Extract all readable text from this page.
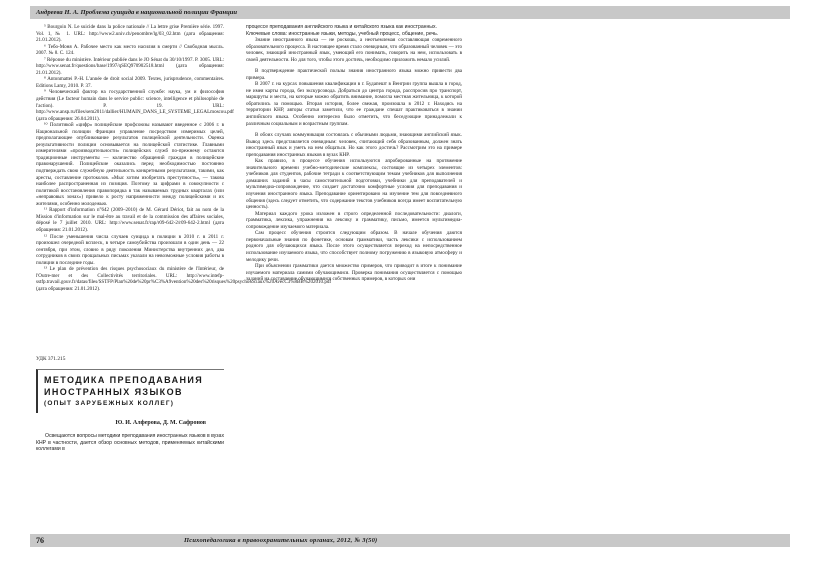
Андреева Н. А. Проблема суицида в национальной полиции Франции

⁵ Bourgoin N. Le suicide dans la police nationale // La lettre grise Première série. 1997. Vol. 1, № 1. URL: http://www2.univ.ch/penombre/lg/03_02.htm (дата обращения: 21.01.2012).

⁶ Тебо-Моня А. Рабочее место как место насилия в смерти // Свободная мысль. 2007. № 8. С. 124.

⁷ Réponse du ministère. Intérieur publiée dans le JO Sénat du 30/10/1997. P. 3005. URL: http://www.senat.fr/questions/base/1997/qSEQ970902518.html (дата обращения: 21.01.2012).

⁸ Antonmattei P.-H. L'année de droit social 2009. Textes, jurisprudence, commentaires. Editions Lamy, 2010. P. 37.

⁹ Человеческий фактор на государственной службе: наука, ум и философия действия (Le facteur humain dans le service public: science, intelligence et philosophie de l'action). P. 19. URL: http://www.ansp.ru/files/sem2011/dallier/HUMAIN_DANS_LE_SYSTEME_LEGALmoscou.pdf (дата обращения: 26.04.2011).

¹⁰ Политикой «цифр» полицейские профсоюзы называют введенное с 2006 г. в Национальной полиции Франции управление посредством измеримых целей, предполагающее опубликование результатов полицейской деятельности. Оценка результативности полиции основывается на полицейской статистике. Главными измерителями «производительности» полицейских служб по-прежнему остаются традиционные инструменты — количество обращений граждан в полицейские правонарушений. Полицейские оказались перед необходимостью постоянно подтверждать свою служебную деятельность конкретными результатами, такими, как аресты, составление протоколов. «Мыс хотим изобретать преступность», — такова наиболее распространенная из позиция. Поэтому за цифрами в совокупности с политикой восстановления правопорядка в так называемых трудных кварталах (или «неправовых зонах») привело к росту напряженности между полицейскими и их жителями, особенно молодежью.

¹¹ Rapport d'information n°642 (2009–2010) de M. Gérard Dériot, fait au nom de la Mission d'information sur le mal-être au travail et de la commission des affaires sociales, déposé le 7 juillet 2010. URL: http://www.senat.fr/rap/r09-642-2/r09-642-2.html (дата обращения: 21.01.2012).

¹² После уменьшения числа случаев суицида в полиции в 2010 г. в 2011 г. произошел очередной всплеск, в четыре самоубийства произошли в один день — 22 сентября, при этом, словно в ряду поколения Министерства внутренних дел, два сотрудников в своих прощальных письмах указали на невозможные условия работы в полиции в последние годы.

¹³ Le plan de prévention des risques psychosociaux du ministère de l'Intérieur, de l'Outre-mer et des Collectivités territoriales. URL: http://www.intefp-sstfp.travail.gouv.fr/datas/files/SSTFP/Plan%20de%20pr%C3%A9vention%20des%20risques%20psychosociaux%20AvecC3%8BB%202010.pdf (дата обращения: 21.01.2012).

УДК 371.215

МЕТОДИКА ПРЕПОДАВАНИЯ
ИНОСТРАННЫХ ЯЗЫКОВ
(ОПЫТ ЗАРУБЕЖНЫХ КОЛЛЕГ)

Ю. И. Алферова, Д. М. Сафронов

Освещаются вопросы методики преподавания иностранных языков в вузах КНР в частности, дается обзор основных методов, применяемых китайскими коллегами в

процессе преподавания английского языка и китайского языка как иностранных.

Ключевые слова: иностранные языки, методы, учебный процесс, общение, речь.

Знание иностранного языка — не роскошь, а неотъемлемая составляющая современного образовательного процесса. В настоящее время стало очевидным, что образованный человек — это человек, знающий иностранный язык, умеющий его понимать, говорить на нем, использовать в своей деятельности. Но для того, чтобы этого достичь, необходимо приложить немало усилий.

В подтверждение практической пользы знания иностранного языка можно привести два примера.

В 2007 г. на курсах повышения квалификации в г. Будапешт в Венгрии группа вышла в город, не имея карты города, без экскурсовода. Добраться до центра города, расспросив про транспорт, маршруты и места, на которые можно обратить внимание, помогла местная жительница, к которой обратились за помощью. Вторая история, более свежая, произошла в 2012 г. Находясь на территории КНР, авторы статьи заметили, что ее граждане спешат практиковаться в знании английского языка. Особенно интересно было отметить, что беседующие принадлежали к различным социальным и возрастным группам.

В обоих случаях коммуникация состоялась с обычными людьми, знающими английский язык. Вывод здесь представляется очевидным: человек, считающий себя образованным, должен знать иностранный язык и уметь на нем общаться. Но как этого достичь? Рассмотрим это на примере преподавания иностранных языков в вузах КНР.

Как правило, в процессе обучения используются апробированные на протяжение значительного времени учебно-методические комплексы, состоящие из четырех элементов: учебников для студентов, рабочие тетради к соответствующим темам учебников для выполнения домашних заданий в часы самостоятельной подготовки, учебники для преподавателей и мультимедиа-сопровождение, что создает достаточно комфортные условия для преподавания и изучения иностранного языка. Преподавание ориентировано на изучение тем для повседневного общения (здесь следует отметить, что содержание текстов учебников всегда имеет воспитательную ценность).

Материал каждого урока изложен в строго определенной последовательности: диалоги, грамматика, лексика, упражнения на лексику и грамматику, письмо, имеется мультимедиа-сопровождение изучаемого материала.

Сам процесс обучения строится следующим образом. В начале обучения даются первоначальные знания по фонетике, основам грамматики, часть лексики с использованием родного для обучающихся языка. После этого осуществляется переход на непосредственное использование изучаемого языка, что способствует полному погружению в языковую атмосферу и мелодику речи.

При объяснении грамматики дается множество примеров, что приводит в итоге к понимание изучаемого материала самими обучающимися. Проверка понимания осуществляется с помощью заданий на составление обучающимися собственных примеров, в которых они

76	Психопедагогика в правоохранительных органах, 2012, № 3(50)
